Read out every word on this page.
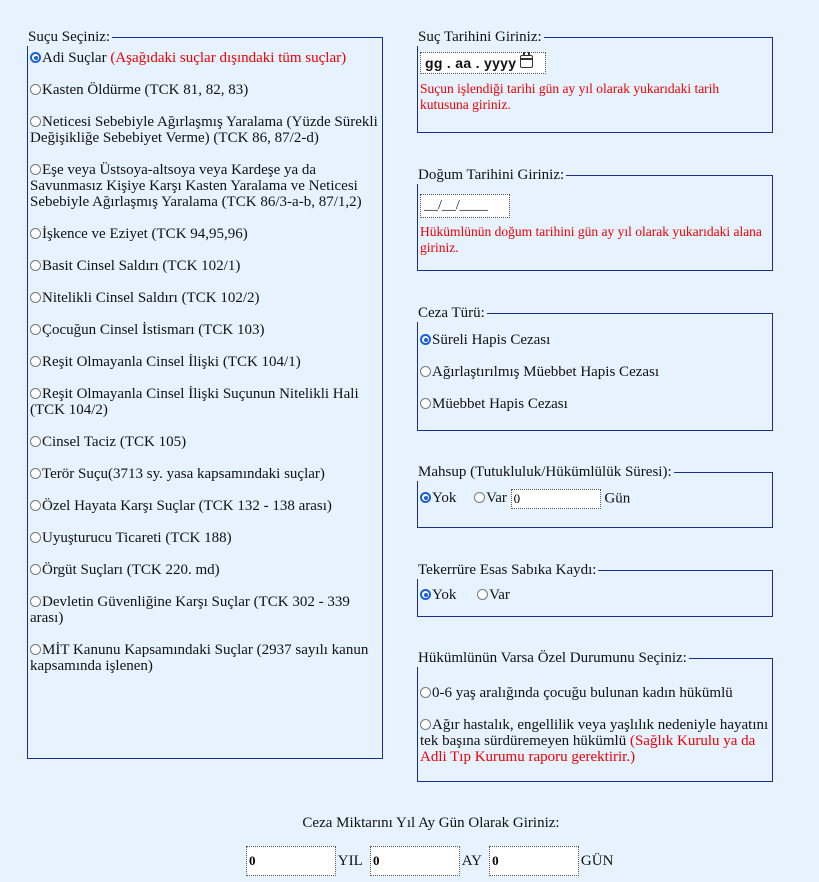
Suçu Seçiniz:
Adi Suçlar (Aşağıdaki suçlar dışındaki tüm suçlar)
Kasten Öldürme (TCK 81, 82, 83)
Neticesi Sebebiyle Ağırlaşmış Yaralama (Yüzde Sürekli Değişikliğe Sebebiyet Verme) (TCK 86, 87/2-d)
Eşe veya Üstsoya-altsoya veya Kardeşe ya da Savunmasız Kişiye Karşı Kasten Yaralama ve Neticesi Sebebiyle Ağırlaşmış Yaralama (TCK 86/3-a-b, 87/1,2)
İşkence ve Eziyet (TCK 94,95,96)
Basit Cinsel Saldırı (TCK 102/1)
Nitelikli Cinsel Saldırı (TCK 102/2)
Çocuğun Cinsel İstismarı (TCK 103)
Reşit Olmayanla Cinsel İlişki (TCK 104/1)
Reşit Olmayanla Cinsel İlişki Suçunun Nitelikli Hali (TCK 104/2)
Cinsel Taciz (TCK 105)
Terör Suçu(3713 sy. yasa kapsamındaki suçlar)
Özel Hayata Karşı Suçlar (TCK 132 - 138 arası)
Uyuşturucu Ticareti (TCK 188)
Örgüt Suçları (TCK 220. md)
Devletin Güvenliğine Karşı Suçlar (TCK 302 - 339 arası)
MİT Kanunu Kapsamındaki Suçlar (2937 sayılı kanun kapsamında işlenen)
Suç Tarihini Giriniz:
gg . aa . yyyy
Suçun işlendiği tarihi gün ay yıl olarak yukarıdaki tarih kutusuna giriniz.
Doğum Tarihini Giriniz:
__/__/____
Hükümlünün doğum tarihini gün ay yıl olarak yukarıdaki alana giriniz.
Ceza Türü:
Süreli Hapis Cezası
Ağırlaştırılmış Müebbet Hapis Cezası
Müebbet Hapis Cezası
Mahsup (Tutukluluk/Hükümlülük Süresi):
Yok Var 0	Gün
Tekerrüre Esas Sabıka Kaydı:
Yok Var
Hükümlünün Varsa Özel Durumunu Seçiniz:
0-6 yaş aralığında çocuğu bulunan kadın hükümlü
Ağır hastalık, engellilik veya yaşlılık nedeniyle hayatını tek başına sürdüremeyen hükümlü (Sağlık Kurulu ya da Adli Tıp Kurumu raporu gerektirir.)
Ceza Miktarını Yıl Ay Gün Olarak Giriniz:
0 YIL 0	AY 0	GÜN
